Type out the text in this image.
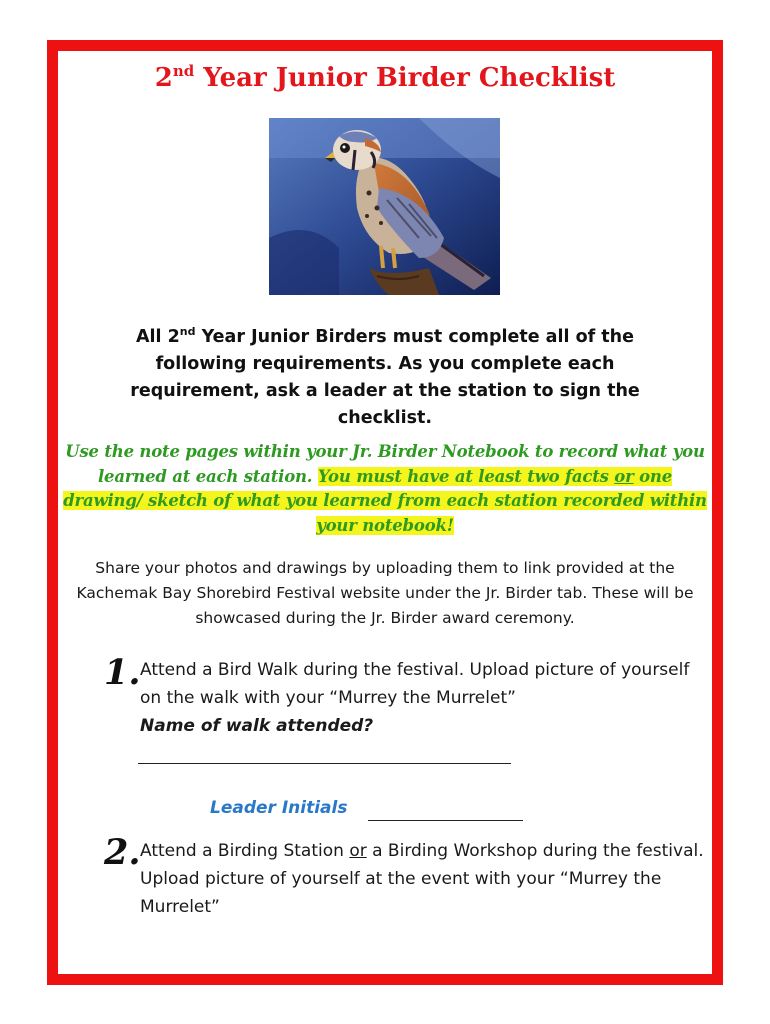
2nd Year Junior Birder Checklist
All 2nd Year Junior Birders must complete all of the following requirements. As you complete each requirement, ask a leader at the station to sign the checklist.
Use the note pages within your Jr. Birder Notebook to record what you learned at each station. You must have at least two facts or one drawing/ sketch of what you learned from each station recorded within your notebook!
Share your photos and drawings by uploading them to link provided at the Kachemak Bay Shorebird Festival website under the Jr. Birder tab. These will be showcased during the Jr. Birder award ceremony.
1. Attend a Bird Walk during the festival. Upload picture of yourself on the walk with your “Murrey the Murrelet”
Name of walk attended?
Leader Initials
2. Attend a Birding Station or a Birding Workshop during the festival. Upload picture of yourself at the event with your “Murrey the Murrelet”
